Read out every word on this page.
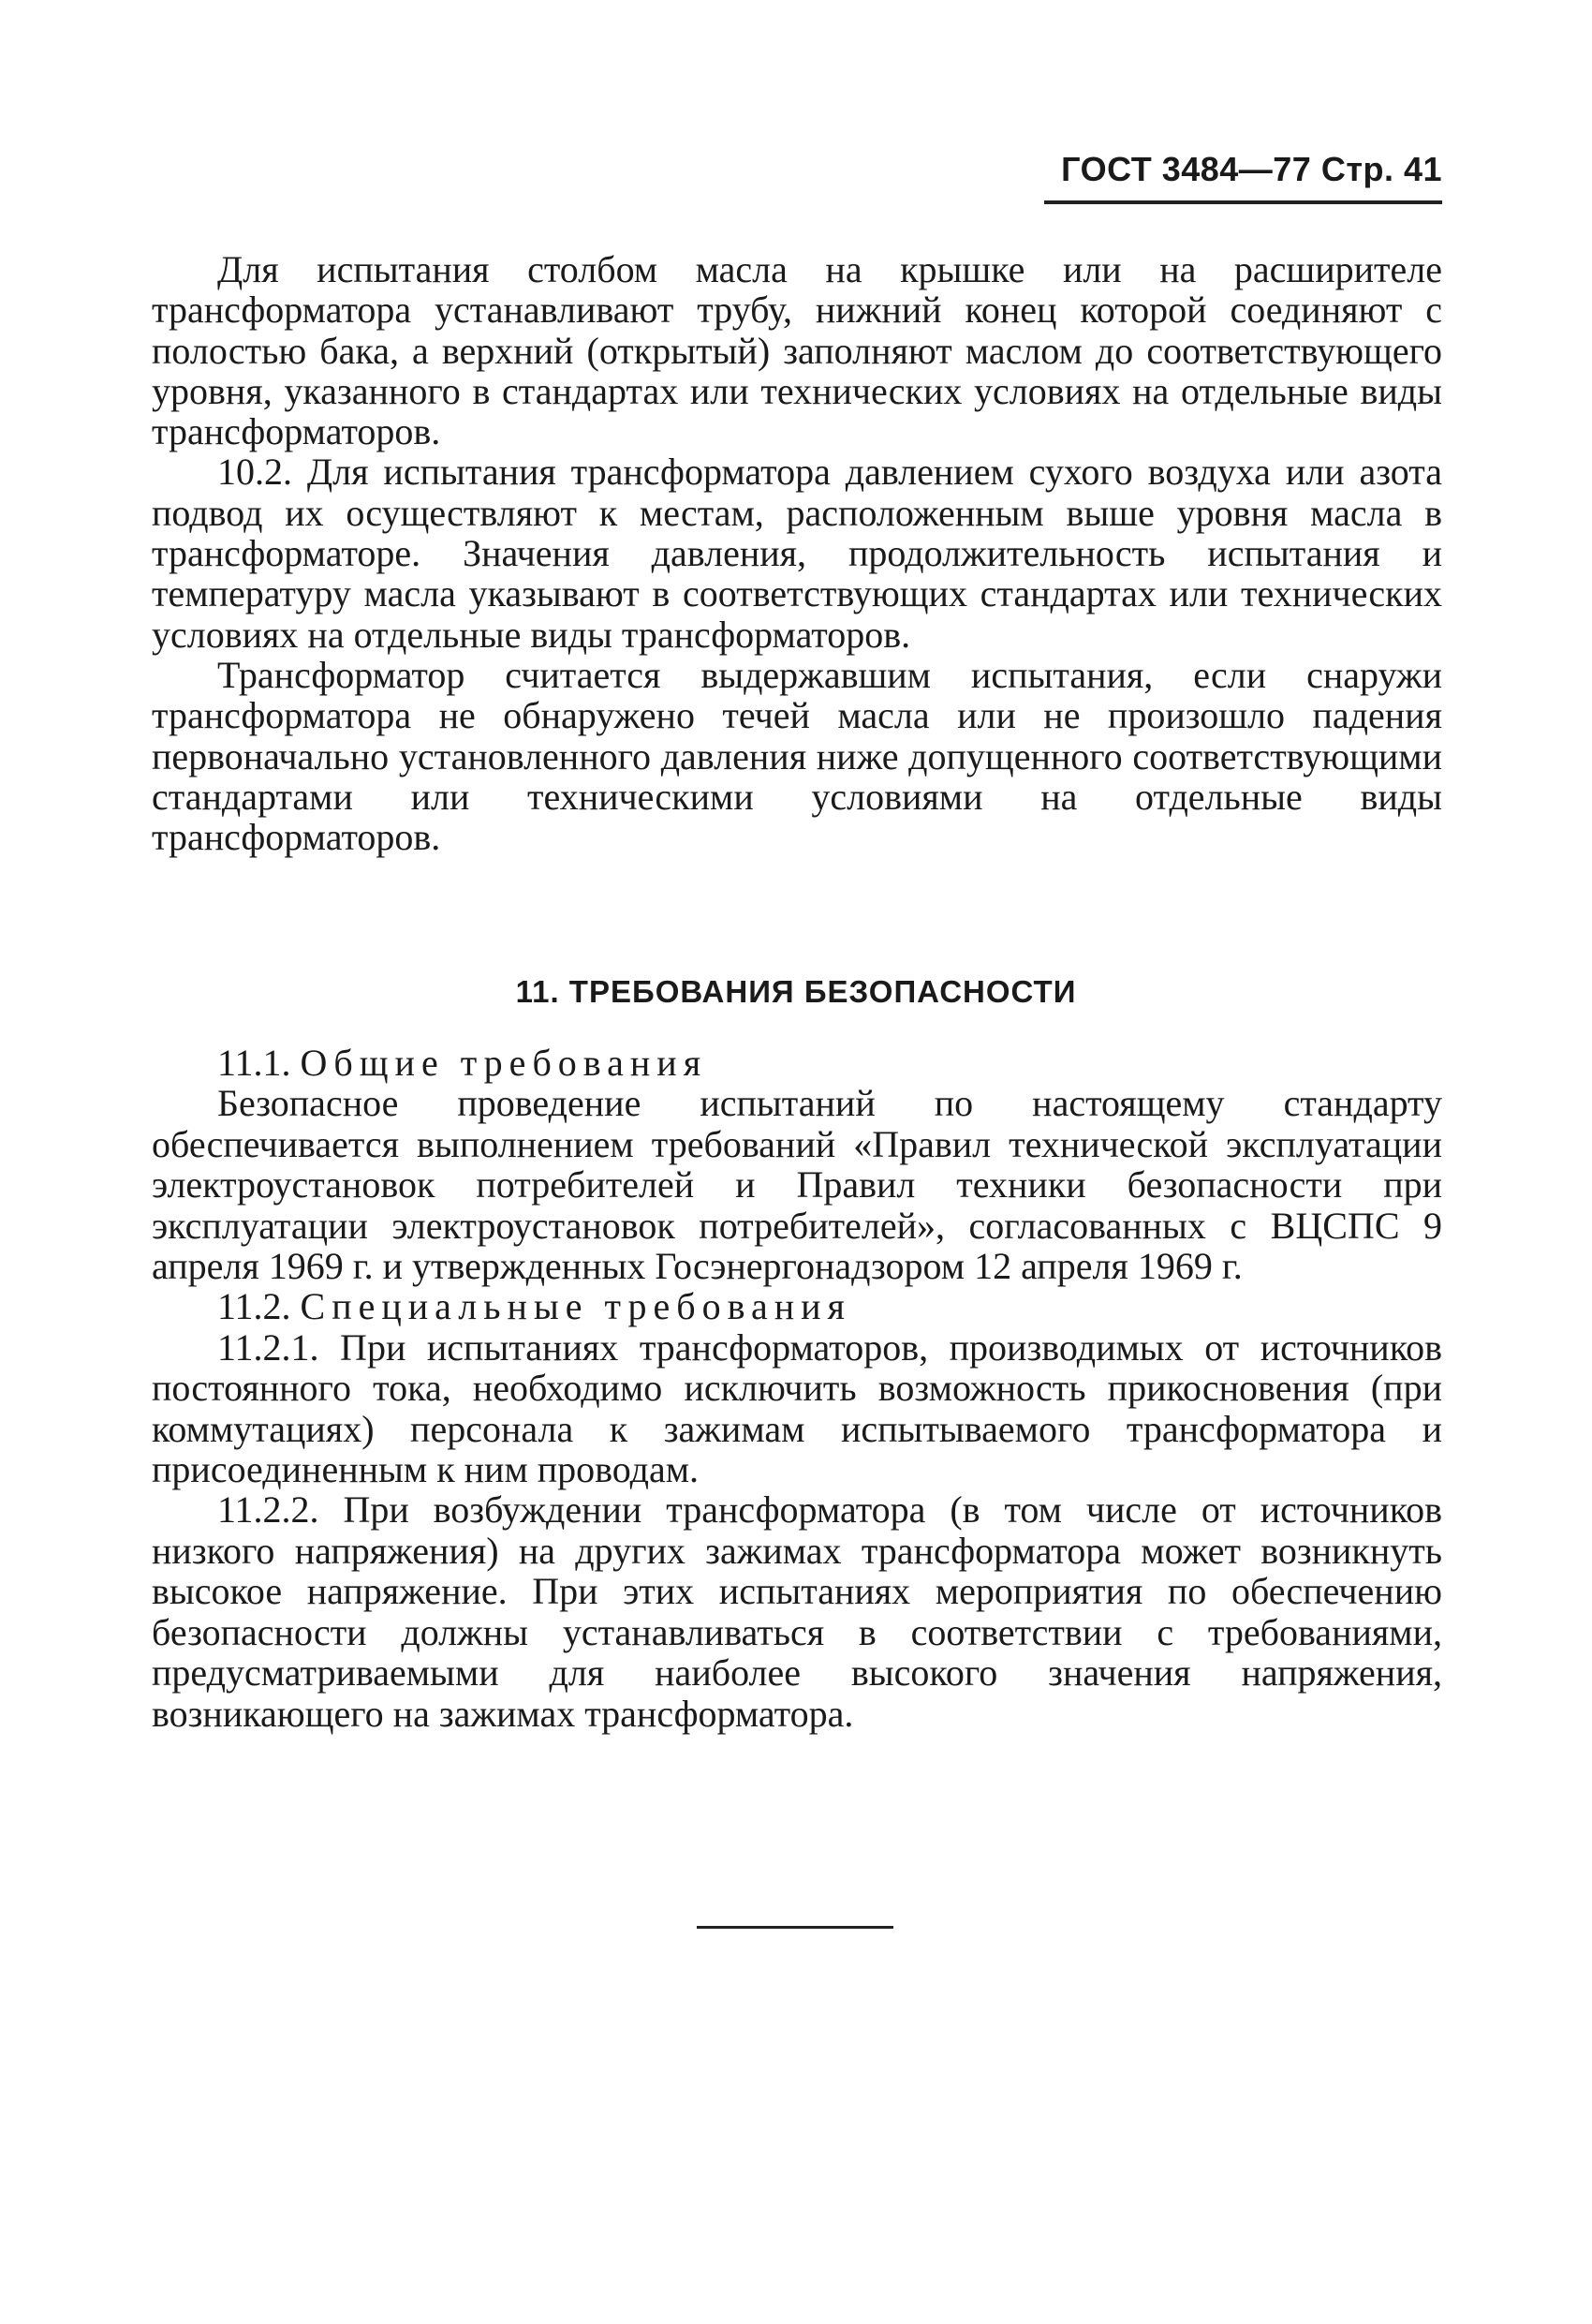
ГОСТ 3484—77 Стр. 41

Для испытания столбом масла на крышке или на расширителе трансформатора устанавливают трубу, нижний конец которой соединяют с полостью бака, а верхний (открытый) заполняют маслом до соответствующего уровня, указанного в стандартах или технических условиях на отдельные виды трансформаторов.

10.2. Для испытания трансформатора давлением сухого воздуха или азота подвод их осуществляют к местам, расположенным выше уровня масла в трансформаторе. Значения давления, продолжительность испытания и температуру масла указывают в соответствующих стандартах или технических условиях на отдельные виды трансформаторов.

Трансформатор считается выдержавшим испытания, если снаружи трансформатора не обнаружено течей масла или не произошло падения первоначально установленного давления ниже допущенного соответствующими стандартами или техническими условиями на отдельные виды трансформаторов.

11. ТРЕБОВАНИЯ БЕЗОПАСНОСТИ

11.1. Общие требования

Безопасное проведение испытаний по настоящему стандарту обеспечивается выполнением требований «Правил технической эксплуатации электроустановок потребителей и Правил техники безопасности при эксплуатации электроустановок потребителей», согласованных с ВЦСПС 9 апреля 1969 г. и утвержденных Госэнергонадзором 12 апреля 1969 г.

11.2. Специальные требования

11.2.1. При испытаниях трансформаторов, производимых от источников постоянного тока, необходимо исключить возможность прикосновения (при коммутациях) персонала к зажимам испытываемого трансформатора и присоединенным к ним проводам.

11.2.2. При возбуждении трансформатора (в том числе от источников низкого напряжения) на других зажимах трансформатора может возникнуть высокое напряжение. При этих испытаниях мероприятия по обеспечению безопасности должны устанавливаться в соответствии с требованиями, предусматриваемыми для наиболее высокого значения напряжения, возникающего на зажимах трансформатора.
